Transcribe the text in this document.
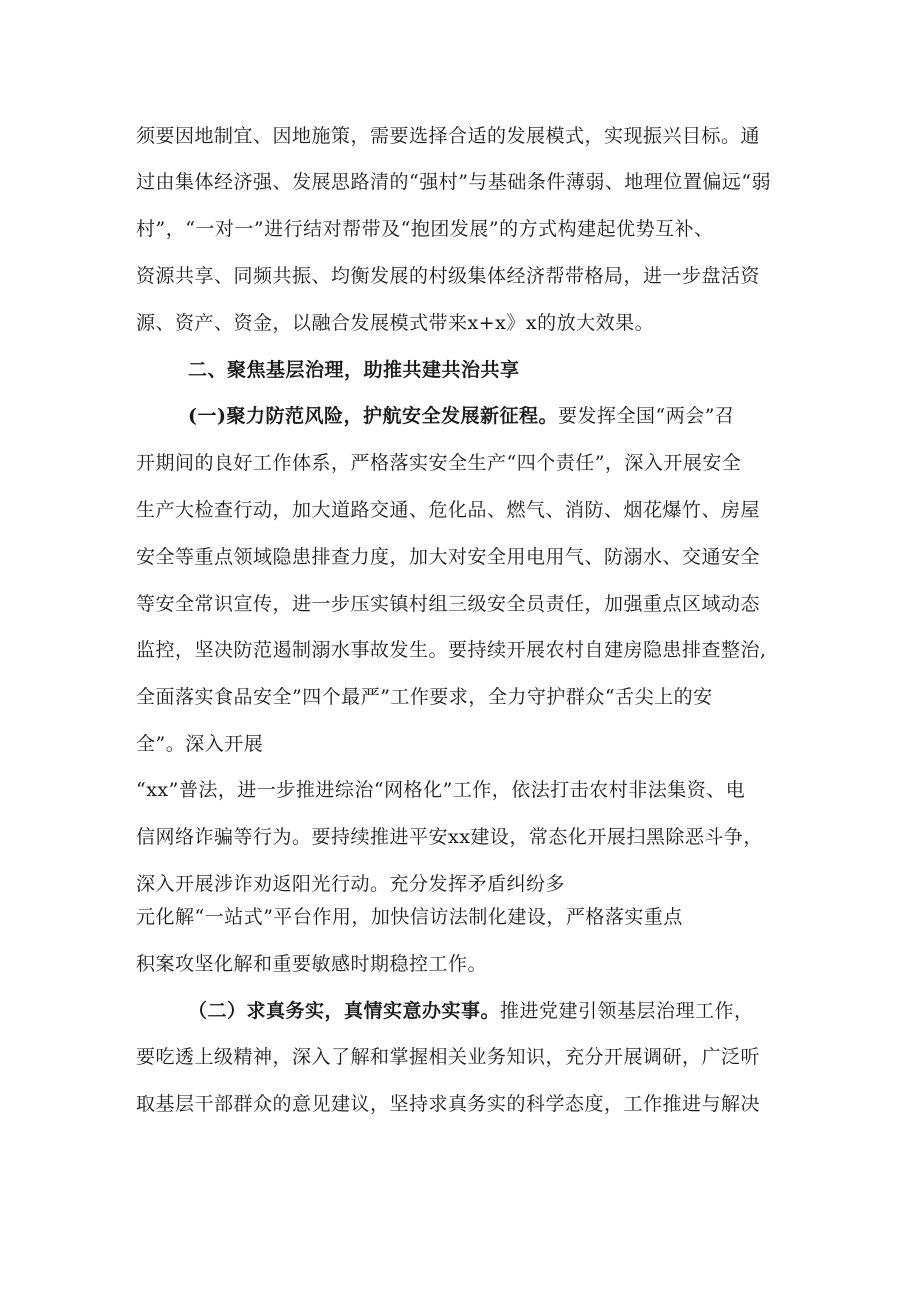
须要因地制宜、因地施策，需要选择合适的发展模式，实现振兴目标。通
过由集体经济强、发展思路清的“强村”与基础条件薄弱、地理位置偏远“弱
村”，“一对一”进行结对帮带及“抱团发展”的方式构建起优势互补、
资源共享、同频共振、均衡发展的村级集体经济帮带格局，进一步盘活资
源、资产、资金，以融合发展模式带来x+x》x的放大效果。
二、聚焦基层治理，助推共建共治共享
(一)聚力防范风险，护航安全发展新征程。要发挥全国“两会”召
开期间的良好工作体系，严格落实安全生产“四个责任”，深入开展安全
生产大检查行动，加大道路交通、危化品、燃气、消防、烟花爆竹、房屋
安全等重点领域隐患排查力度，加大对安全用电用气、防溺水、交通安全
等安全常识宣传，进一步压实镇村组三级安全员责任，加强重点区域动态
监控，坚决防范遏制溺水事故发生。要持续开展农村自建房隐患排查整治,
全面落实食品安全”四个最严”工作要求，全力守护群众“舌尖上的安
全”。深入开展
“xx”普法，进一步推进综治“网格化”工作，依法打击农村非法集资、电
信网络诈骗等行为。要持续推进平安xx建设，常态化开展扫黑除恶斗争，
深入开展涉诈劝返阳光行动。充分发挥矛盾纠纷多
元化解“一站式”平台作用，加快信访法制化建设，严格落实重点
积案攻坚化解和重要敏感时期稳控工作。
（二）求真务实，真情实意办实事。推进党建引领基层治理工作，
要吃透上级精神，深入了解和掌握相关业务知识，充分开展调研，广泛听
取基层干部群众的意见建议，坚持求真务实的科学态度，工作推进与解决
